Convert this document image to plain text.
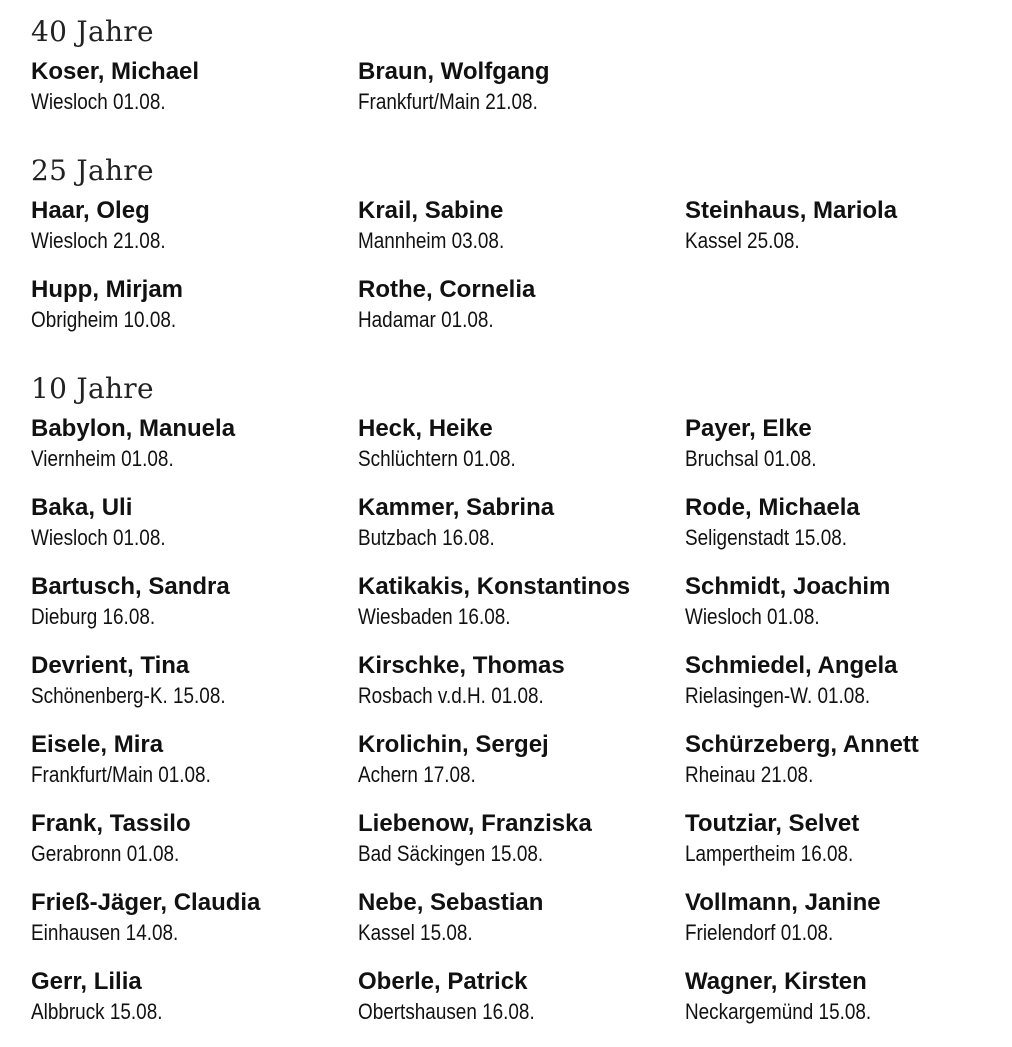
40 Jahre
Koser, Michael
Wiesloch 01.08.
Braun, Wolfgang
Frankfurt/Main 21.08.
25 Jahre
Haar, Oleg
Wiesloch 21.08.
Krail, Sabine
Mannheim 03.08.
Steinhaus, Mariola
Kassel 25.08.
Hupp, Mirjam
Obrigheim 10.08.
Rothe, Cornelia
Hadamar 01.08.
10 Jahre
Babylon, Manuela
Viernheim 01.08.
Heck, Heike
Schlüchtern 01.08.
Payer, Elke
Bruchsal 01.08.
Baka, Uli
Wiesloch 01.08.
Kammer, Sabrina
Butzbach 16.08.
Rode, Michaela
Seligenstadt 15.08.
Bartusch, Sandra
Dieburg 16.08.
Katikakis, Konstantinos
Wiesbaden 16.08.
Schmidt, Joachim
Wiesloch 01.08.
Devrient, Tina
Schönenberg-K. 15.08.
Kirschke, Thomas
Rosbach v.d.H. 01.08.
Schmiedel, Angela
Rielasingen-W. 01.08.
Eisele, Mira
Frankfurt/Main 01.08.
Krolichin, Sergej
Achern 17.08.
Schürzeberg, Annett
Rheinau 21.08.
Frank, Tassilo
Gerabronn 01.08.
Liebenow, Franziska
Bad Säckingen 15.08.
Toutziar, Selvet
Lampertheim 16.08.
Frieß-Jäger, Claudia
Einhausen 14.08.
Nebe, Sebastian
Kassel 15.08.
Vollmann, Janine
Frielendorf 01.08.
Gerr, Lilia
Albbruck 15.08.
Oberle, Patrick
Obertshausen 16.08.
Wagner, Kirsten
Neckargemünd 15.08.
